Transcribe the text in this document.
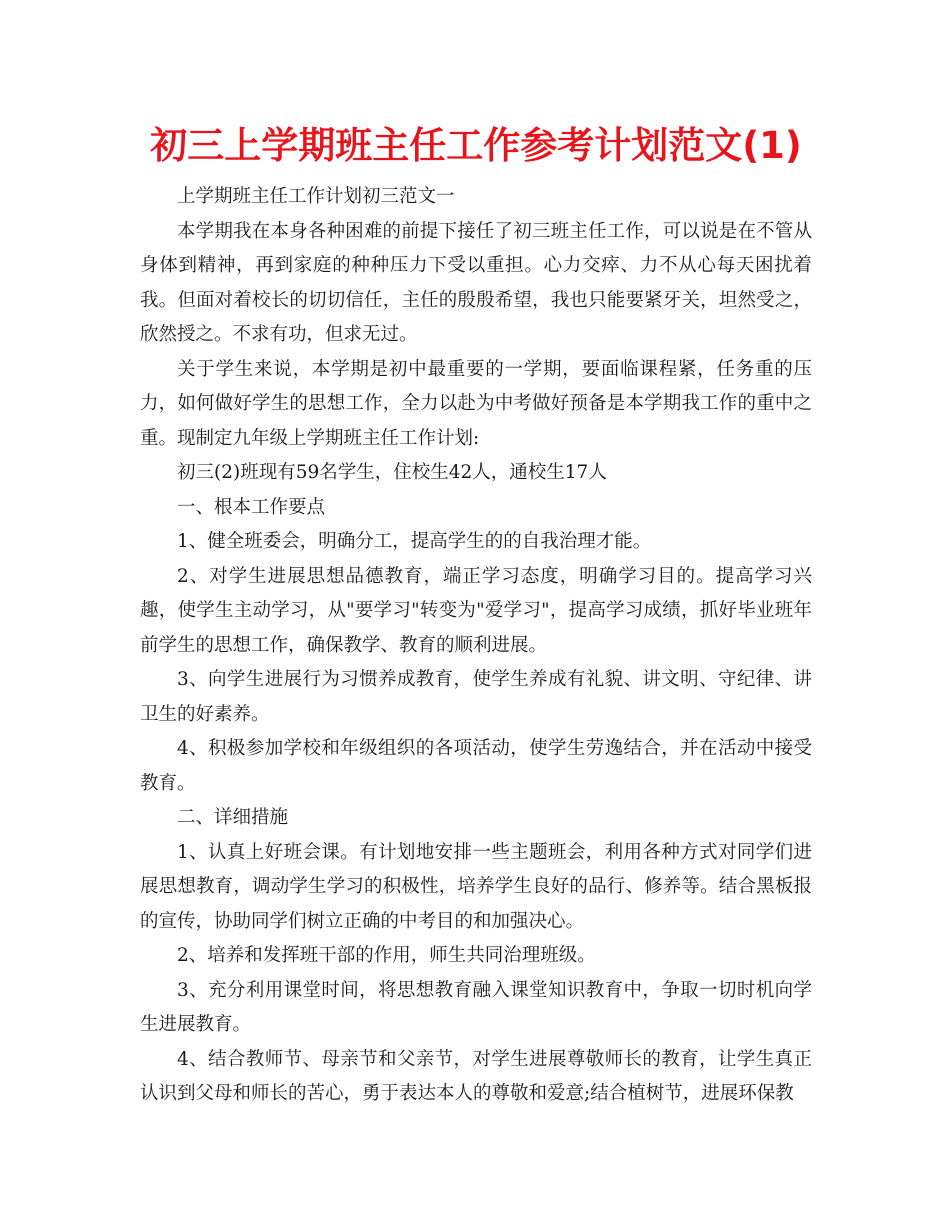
初三上学期班主任工作参考计划范文(1)

上学期班主任工作计划初三范文一

本学期我在本身各种困难的前提下接任了初三班主任工作，可以说是在不管从身体到精神，再到家庭的种种压力下受以重担。心力交瘁、力不从心每天困扰着我。但面对着校长的切切信任，主任的殷殷希望，我也只能要紧牙关，坦然受之，欣然授之。不求有功，但求无过。

关于学生来说，本学期是初中最重要的一学期，要面临课程紧，任务重的压力，如何做好学生的思想工作，全力以赴为中考做好预备是本学期我工作的重中之重。现制定九年级上学期班主任工作计划:

初三(2)班现有59名学生，住校生42人，通校生17人

一、根本工作要点

1、健全班委会，明确分工，提高学生的的自我治理才能。

2、对学生进展思想品德教育，端正学习态度，明确学习目的。提高学习兴趣，使学生主动学习，从"要学习"转变为"爱学习"，提高学习成绩，抓好毕业班年前学生的思想工作，确保教学、教育的顺利进展。

3、向学生进展行为习惯养成教育，使学生养成有礼貌、讲文明、守纪律、讲卫生的好素养。

4、积极参加学校和年级组织的各项活动，使学生劳逸结合，并在活动中接受教育。

二、详细措施

1、认真上好班会课。有计划地安排一些主题班会，利用各种方式对同学们进展思想教育，调动学生学习的积极性，培养学生良好的品行、修养等。结合黑板报的宣传，协助同学们树立正确的中考目的和加强决心。

2、培养和发挥班干部的作用，师生共同治理班级。

3、充分利用课堂时间，将思想教育融入课堂知识教育中，争取一切时机向学生进展教育。

4、结合教师节、母亲节和父亲节，对学生进展尊敬师长的教育，让学生真正认识到父母和师长的苦心，勇于表达本人的尊敬和爱意;结合植树节，进展环保教
